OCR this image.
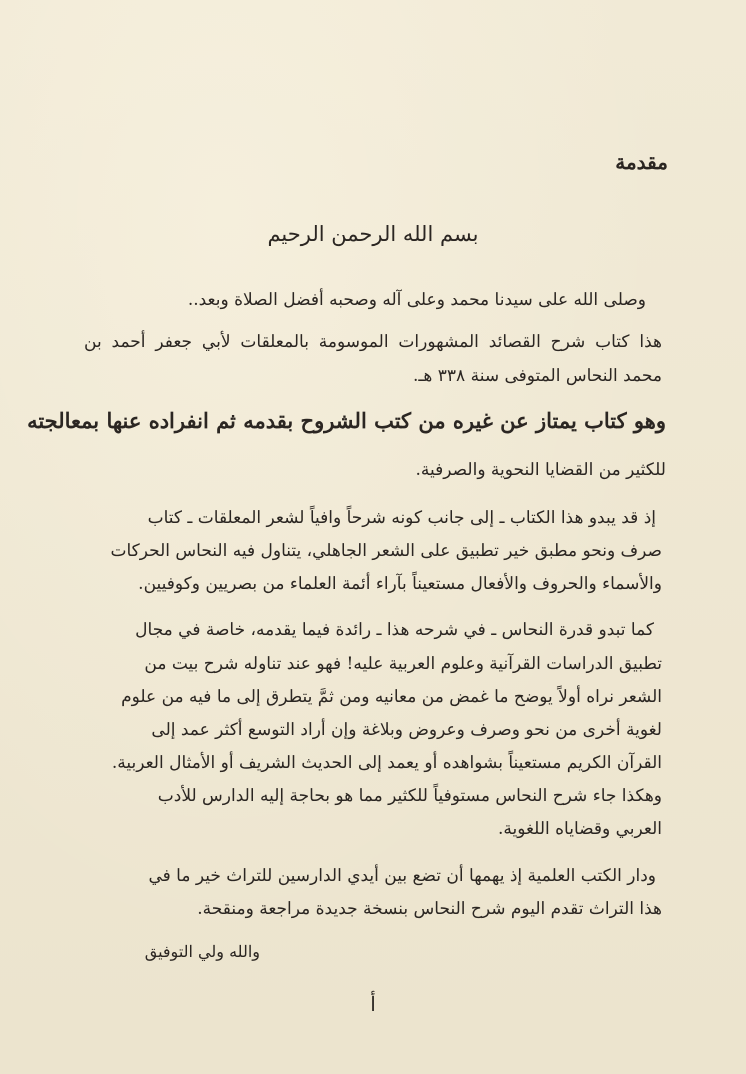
مقدمة
بسم الله الرحمن الرحيم
وصلى الله على سيدنا محمد وعلى آله وصحبه أفضل الصلاة وبعد..
هذا كتاب شرح القصائد المشهورات الموسومة بالمعلقات لأبي جعفر أحمد بن
محمد النحاس المتوفى سنة ٣٣٨ هـ.
وهو كتاب يمتاز عن غيره من كتب الشروح بقدمه ثم انفراده عنها بمعالجته
للكثير من القضايا النحوية والصرفية.
إذ قد يبدو هذا الكتاب ـ إلى جانب كونه شرحاً وافياً لشعر المعلقات ـ كتاب
صرف ونحو مطبق خير تطبيق على الشعر الجاهلي، يتناول فيه النحاس الحركات
والأسماء والحروف والأفعال مستعيناً بآراء أئمة العلماء من بصريين وكوفيين.
كما تبدو قدرة النحاس ـ في شرحه هذا ـ رائدة فيما يقدمه، خاصة في مجال
تطبيق الدراسات القرآنية وعلوم العربية عليه! فهو عند تناوله شرح بيت من
الشعر نراه أولاً يوضح ما غمض من معانيه ومن ثمَّ يتطرق إلى ما فيه من علوم
لغوية أخرى من نحو وصرف وعروض وبلاغة وإن أراد التوسع أكثر عمد إلى
القرآن الكريم مستعيناً بشواهده أو يعمد إلى الحديث الشريف أو الأمثال العربية.
وهكذا جاء شرح النحاس مستوفياً للكثير مما هو بحاجة إليه الدارس للأدب
العربي وقضاياه اللغوية.
ودار الكتب العلمية إذ يهمها أن تضع بين أيدي الدارسين للتراث خير ما في
هذا التراث تقدم اليوم شرح النحاس بنسخة جديدة مراجعة ومنقحة.
والله ولي التوفيق
أ
